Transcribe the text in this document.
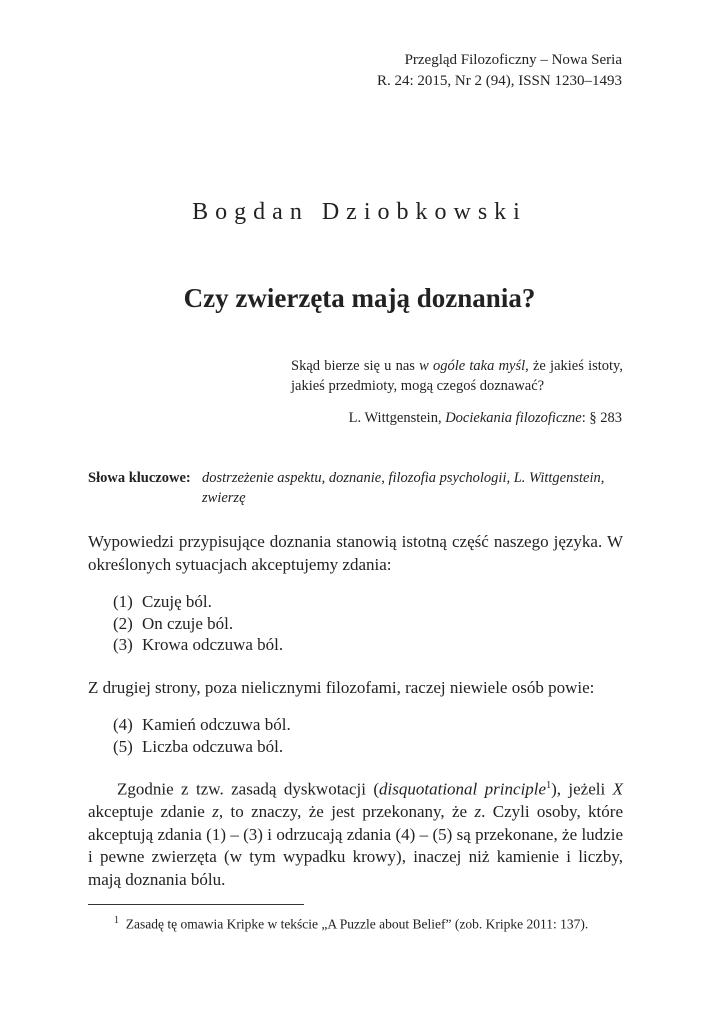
Przegląd Filozoficzny – Nowa Seria
R. 24: 2015, Nr 2 (94), ISSN 1230–1493
Bogdan Dziobkowski
Czy zwierzęta mają doznania?
Skąd bierze się u nas w ogóle taka myśl, że jakieś istoty, jakieś przedmioty, mogą czegoś doznawać?
L. Wittgenstein, Dociekania filozoficzne: § 283
Słowa kluczowe: dostrzeżenie aspektu, doznanie, filozofia psychologii, L. Wittgenstein, zwierzę

Wypowiedzi przypisujące doznania stanowią istotną część naszego języka. W określonych sytuacjach akceptujemy zdania:

(1) Czuję ból.
(2) On czuje ból.
(3) Krowa odczuwa ból.

Z drugiej strony, poza nielicznymi filozofami, raczej niewiele osób powie:

(4) Kamień odczuwa ból.
(5) Liczba odczuwa ból.

Zgodnie z tzw. zasadą dyskwotacji (disquotational principle$^1$), jeżeli X akceptuje zdanie z, to znaczy, że jest przekonany, że z. Czyli osoby, które akceptują zdania (1) – (3) i odrzucają zdania (4) – (5) są przekonane, że ludzie i pewne zwierzęta (w tym wypadku krowy), inaczej niż kamienie i liczby, mają doznania bólu.

$^1$ Zasadę tę omawia Kripke w tekście „A Puzzle about Belief” (zob. Kripke 2011: 137).
